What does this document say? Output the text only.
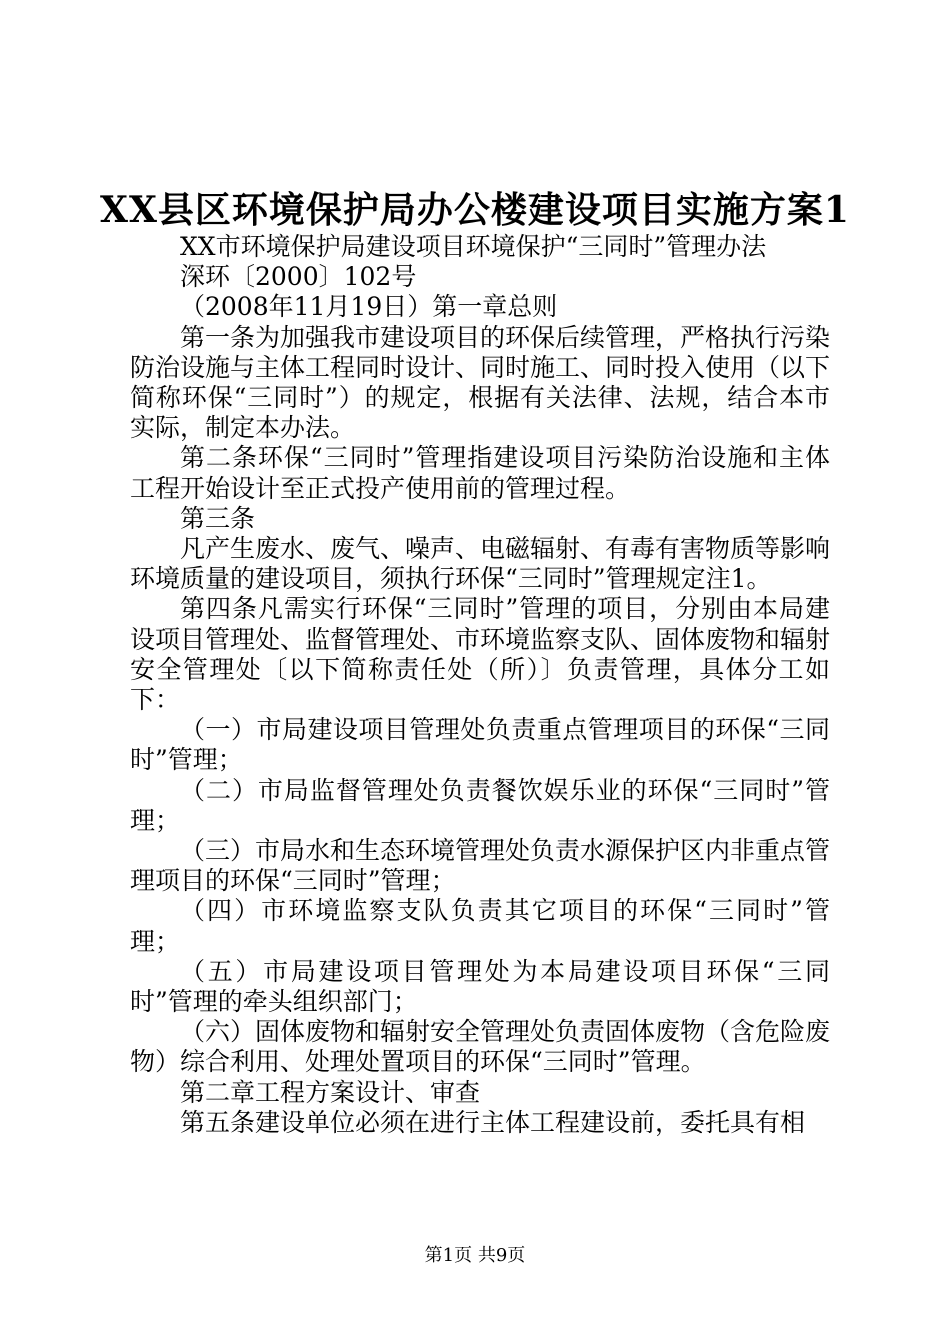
XX县区环境保护局办公楼建设项目实施方案1

XX市环境保护局建设项目环境保护“三同时”管理办法

深环〔2000〕102号

（2008年11月19日）第一章总则

第一条为加强我市建设项目的环保后续管理，严格执行污染防治设施与主体工程同时设计、同时施工、同时投入使用（以下简称环保“三同时”）的规定，根据有关法律、法规，结合本市实际，制定本办法。

第二条环保“三同时”管理指建设项目污染防治设施和主体工程开始设计至正式投产使用前的管理过程。

第三条

凡产生废水、废气、噪声、电磁辐射、有毒有害物质等影响环境质量的建设项目，须执行环保“三同时”管理规定注1。

第四条凡需实行环保“三同时”管理的项目，分别由本局建设项目管理处、监督管理处、市环境监察支队、固体废物和辐射安全管理处〔以下简称责任处（所）〕负责管理，具体分工如下：

（一）市局建设项目管理处负责重点管理项目的环保“三同时”管理；

（二）市局监督管理处负责餐饮娱乐业的环保“三同时”管理；

（三）市局水和生态环境管理处负责水源保护区内非重点管理项目的环保“三同时”管理；

（四）市环境监察支队负责其它项目的环保“三同时”管理；

（五）市局建设项目管理处为本局建设项目环保“三同时”管理的牵头组织部门；

（六）固体废物和辐射安全管理处负责固体废物（含危险废物）综合利用、处理处置项目的环保“三同时”管理。

第二章工程方案设计、审查

第五条建设单位必须在进行主体工程建设前，委托具有相

第1页 共9页
